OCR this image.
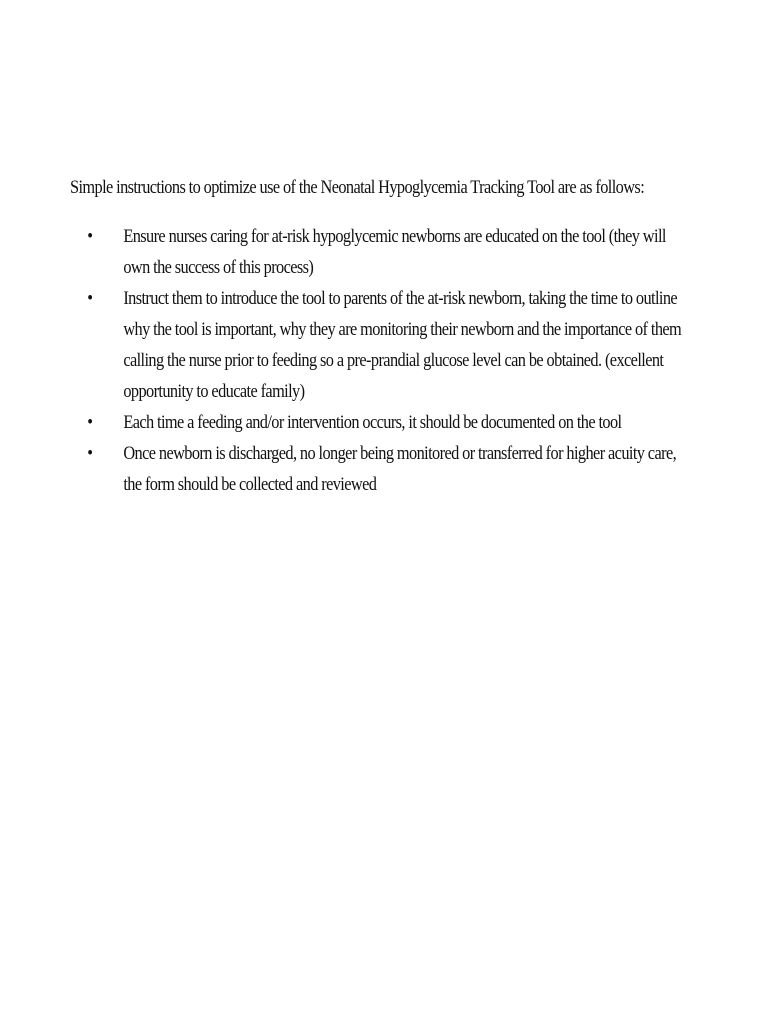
Simple instructions to optimize use of the Neonatal Hypoglycemia Tracking Tool are as follows:

• Ensure nurses caring for at-risk hypoglycemic newborns are educated on the tool (they will own the success of this process)
• Instruct them to introduce the tool to parents of the at-risk newborn, taking the time to outline why the tool is important, why they are monitoring their newborn and the importance of them calling the nurse prior to feeding so a pre-prandial glucose level can be obtained. (excellent opportunity to educate family)
• Each time a feeding and/or intervention occurs, it should be documented on the tool
• Once newborn is discharged, no longer being monitored or transferred for higher acuity care, the form should be collected and reviewed
